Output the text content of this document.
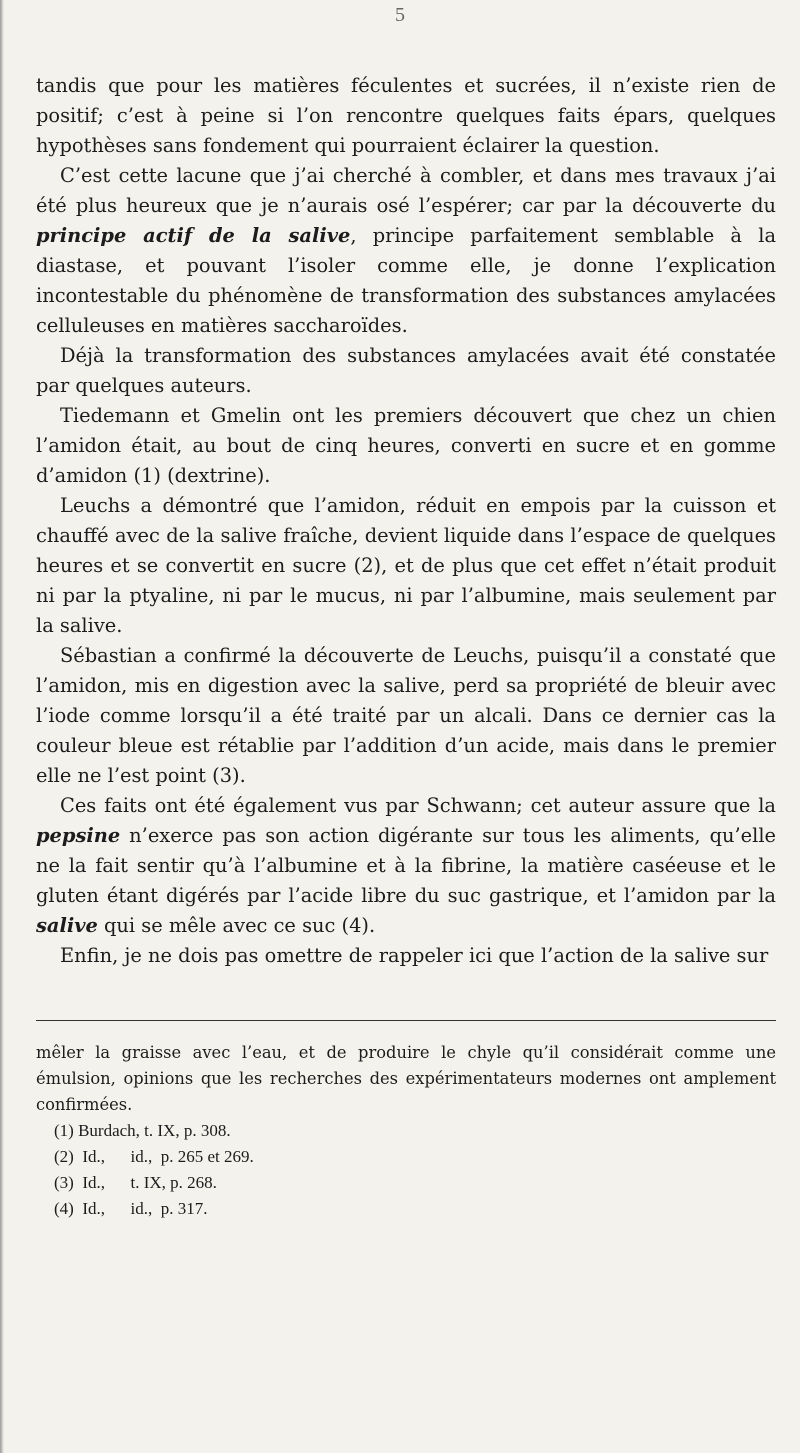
5

tandis que pour les matières féculentes et sucrées, il n’existe rien de positif; c’est à peine si l’on rencontre quelques faits épars, quelques hypothèses sans fondement qui pourraient éclairer la question.

C’est cette lacune que j’ai cherché à combler, et dans mes travaux j’ai été plus heureux que je n’aurais osé l’espérer; car par la découverte du principe actif de la salive, principe parfaitement semblable à la diastase, et pouvant l’isoler comme elle, je donne l’explication incontestable du phénomène de transformation des substances amylacées celluleuses en matières saccharoïdes.

Déjà la transformation des substances amylacées avait été constatée par quelques auteurs.

Tiedemann et Gmelin ont les premiers découvert que chez un chien l’amidon était, au bout de cinq heures, converti en sucre et en gomme d’amidon (1) (dextrine).

Leuchs a démontré que l’amidon, réduit en empois par la cuisson et chauffé avec de la salive fraîche, devient liquide dans l’espace de quelques heures et se convertit en sucre (2), et de plus que cet effet n’était produit ni par la ptyaline, ni par le mucus, ni par l’albumine, mais seulement par la salive.

Sébastian a confirmé la découverte de Leuchs, puisqu’il a constaté que l’amidon, mis en digestion avec la salive, perd sa propriété de bleuir avec l’iode comme lorsqu’il a été traité par un alcali. Dans ce dernier cas la couleur bleue est rétablie par l’addition d’un acide, mais dans le premier elle ne l’est point (3).

Ces faits ont été également vus par Schwann; cet auteur assure que la pepsine n’exerce pas son action digérante sur tous les aliments, qu’elle ne la fait sentir qu’à l’albumine et à la fibrine, la matière caséeuse et le gluten étant digérés par l’acide libre du suc gastrique, et l’amidon par la salive qui se mêle avec ce suc (4).

Enfin, je ne dois pas omettre de rappeler ici que l’action de la salive sur

mêler la graisse avec l’eau, et de produire le chyle qu’il considérait comme une émulsion, opinions que les recherches des expérimentateurs modernes ont amplement confirmées.

(1) Burdach, t. IX, p. 308.
(2)  Id.,      id.,  p. 265 et 269.
(3)  Id.,      t. IX, p. 268.
(4)  Id.,      id.,  p. 317.
